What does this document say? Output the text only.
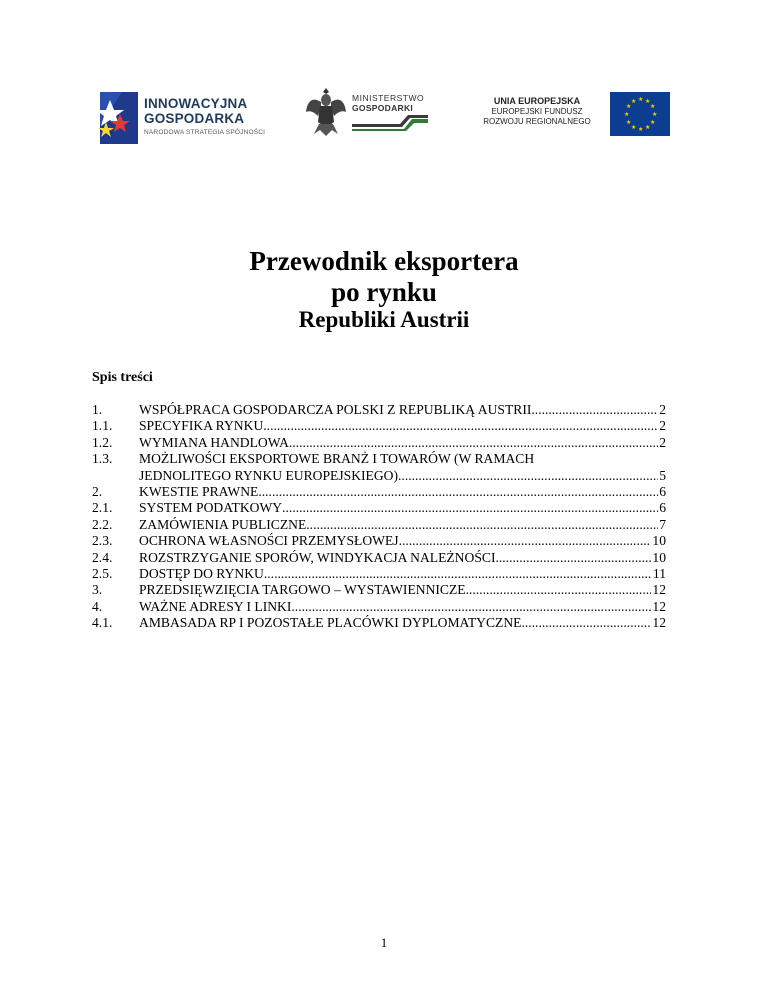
INNOWACYJNA
GOSPODARKA
NARODOWA STRATEGIA SPÓJNOŚCI
MINISTERSTWO
GOSPODARKI
UNIA EUROPEJSKA
EUROPEJSKI FUNDUSZ
ROZWOJU REGIONALNEGO
★ ★
★
★
★
★
★
★
★
★
★
★
Przewodnik eksportera
po rynku
Republiki Austrii
Spis treści
1.	WSPÓŁPRACA GOSPODARCZA POLSKI Z REPUBLIKĄ AUSTRII .....	2
1.1. SPECYFIKA RYNKU .....	2
1.2. WYMIANA HANDLOWA .....	2
1.3. MOŻLIWOŚCI EKSPORTOWE BRANŻ I TOWARÓW (W RAMACH
JEDNOLITEGO RYNKU EUROPEJSKIEGO) .....	5
2.	KWESTIE PRAWNE .....	6
2.1. SYSTEM PODATKOWY .....	6
2.2. ZAMÓWIENIA PUBLICZNE .....	7
2.3. OCHRONA WŁASNOŚCI PRZEMYSŁOWEJ .....	10
2.4. ROZSTRZYGANIE SPORÓW, WINDYKACJA NALEŻNOŚCI .....	10
2.5. DOSTĘP DO RYNKU .....	11
3.	PRZEDSIĘWZIĘCIA TARGOWO – WYSTAWIENNICZE .....	12
4.	WAŻNE ADRESY I LINKI .....	12
4.1. AMBASADA RP I POZOSTAŁE PLACÓWKI DYPLOMATYCZNE .....	12
1
